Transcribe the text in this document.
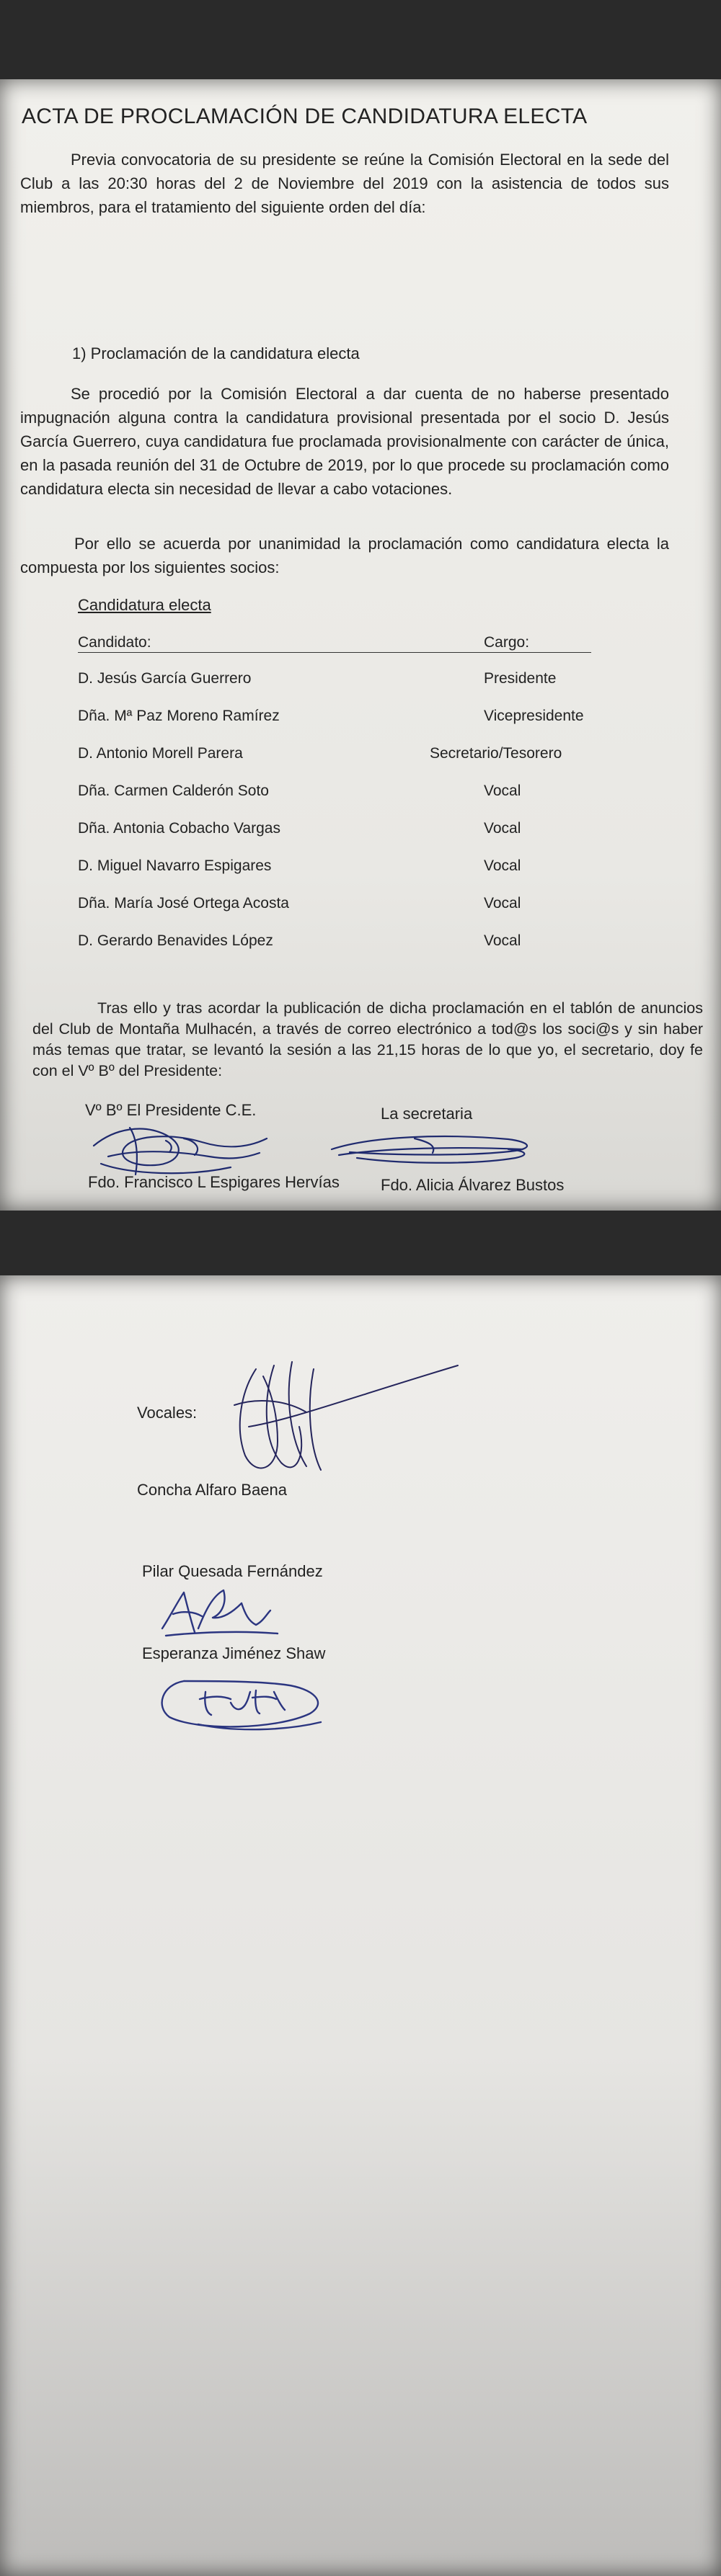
ACTA DE PROCLAMACIÓN DE CANDIDATURA ELECTA
Previa convocatoria de su presidente se reúne la Comisión Electoral en la sede del Club a las 20:30 horas del 2 de Noviembre del 2019 con la asistencia de todos sus miembros, para el tratamiento del siguiente orden del día:
1) Proclamación de la candidatura electa
Se procedió por la Comisión Electoral a dar cuenta de no haberse presentado impugnación alguna contra la candidatura provisional presentada por el socio D. Jesús García Guerrero, cuya candidatura fue proclamada provisionalmente con carácter de única, en la pasada reunión del 31 de Octubre de 2019, por lo que procede su proclamación como candidatura electa sin necesidad de llevar a cabo votaciones.
Por ello se acuerda por unanimidad la proclamación como candidatura electa la compuesta por los siguientes socios:
Candidatura electa
Candidato:	Cargo:
D. Jesús García Guerrero	Presidente
Dña. Mª Paz Moreno Ramírez	Vicepresidente
D. Antonio Morell Parera	Secretario/Tesorero
Dña. Carmen Calderón Soto	Vocal
Dña. Antonia Cobacho Vargas	Vocal
D. Miguel Navarro Espigares	Vocal
Dña. María José Ortega Acosta	Vocal
D. Gerardo Benavides López	Vocal
Tras ello y tras acordar la publicación de dicha proclamación en el tablón de anuncios del Club de Montaña Mulhacén, a través de correo electrónico a tod@s los soci@s y sin haber más temas que tratar, se levantó la sesión a las 21,15 horas de lo que yo, el secretario, doy fe con el Vº Bº del Presidente:
Vº Bº El Presidente C.E.	La secretaria
Fdo. Francisco L Espigares Hervías	Fdo. Alicia Álvarez Bustos
Vocales:
Concha Alfaro Baena
Pilar Quesada Fernández
Esperanza Jiménez Shaw
